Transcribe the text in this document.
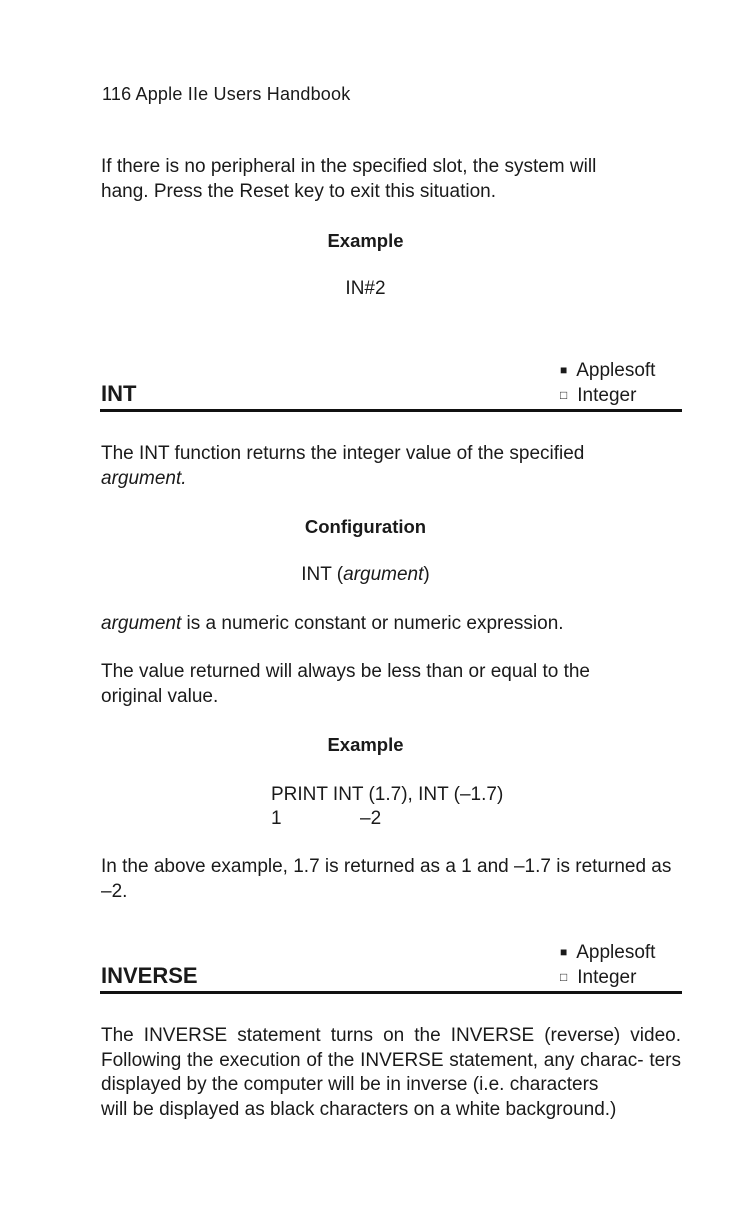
116 Apple IIe Users Handbook
If there is no peripheral in the specified slot, the system will
hang. Press the Reset key to exit this situation.
Example
IN#2
■ Applesoft
INT	□ Integer
The INT function returns the integer value of the specified
argument.
Configuration
INT (argument)
argument is a numeric constant or numeric expression.
The value returned will always be less than or equal to the
original value.
Example
PRINT INT (1.7), INT (–1.7)
1	–2
In the above example, 1.7 is returned as a 1 and –1.7 is returned as
–2.
■ Applesoft
INVERSE	□ Integer
The INVERSE statement turns on the INVERSE (reverse) video. Following the execution of the INVERSE statement, any charac- ters displayed by the computer will be in inverse (i.e. characters
will be displayed as black characters on a white background.)
